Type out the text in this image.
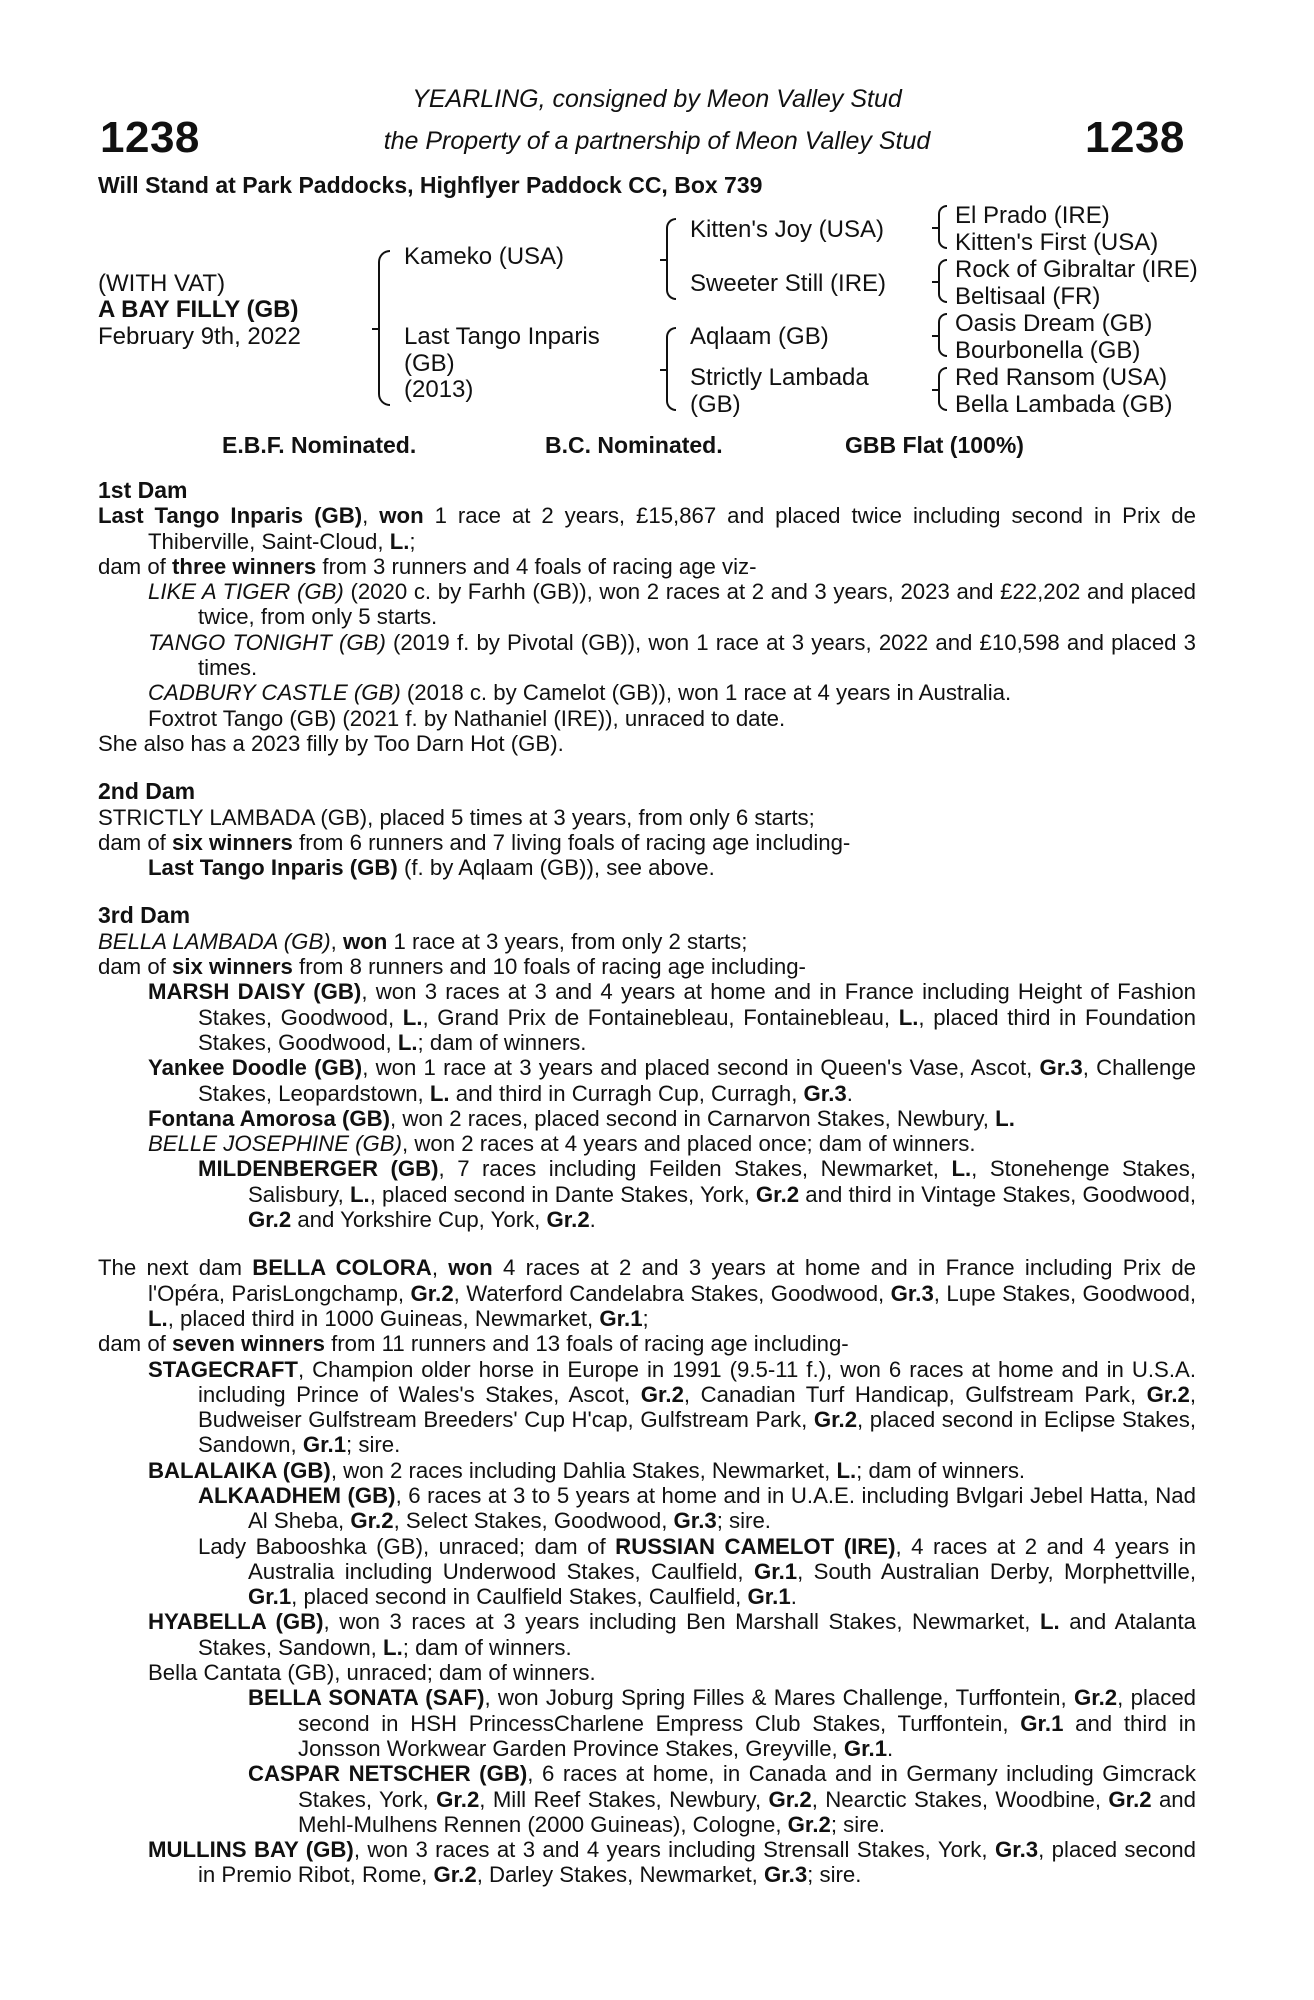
1238	1238
YEARLING, consigned by Meon Valley Stud
the Property of a partnership of Meon Valley Stud
Will Stand at Park Paddocks, Highflyer Paddock CC, Box 739
(WITH VAT)
A BAY FILLY (GB)
February 9th, 2022
Kameko (USA)
Last Tango Inparis
(GB)
(2013)
Kitten's Joy (USA)
Sweeter Still (IRE)
Aqlaam (GB)
Strictly Lambada
(GB)
El Prado (IRE)
Kitten's First (USA)
Rock of Gibraltar (IRE)
Beltisaal (FR)
Oasis Dream (GB)
Bourbonella (GB)
Red Ransom (USA)
Bella Lambada (GB)
E.B.F. Nominated.	B.C. Nominated.	GBB Flat (100%)

1st Dam

Last Tango Inparis (GB), won 1 race at 2 years, £15,867 and placed twice including second in Prix de Thiberville, Saint-Cloud, L.;

dam of three winners from 3 runners and 4 foals of racing age viz-

LIKE A TIGER (GB) (2020 c. by Farhh (GB)), won 2 races at 2 and 3 years, 2023 and £22,202 and placed twice, from only 5 starts.

TANGO TONIGHT (GB) (2019 f. by Pivotal (GB)), won 1 race at 3 years, 2022 and £10,598 and placed 3 times.

CADBURY CASTLE (GB) (2018 c. by Camelot (GB)), won 1 race at 4 years in Australia.

Foxtrot Tango (GB) (2021 f. by Nathaniel (IRE)), unraced to date.

She also has a 2023 filly by Too Darn Hot (GB).

2nd Dam

STRICTLY LAMBADA (GB), placed 5 times at 3 years, from only 6 starts;

dam of six winners from 6 runners and 7 living foals of racing age including-

Last Tango Inparis (GB) (f. by Aqlaam (GB)), see above.

3rd Dam

BELLA LAMBADA (GB), won 1 race at 3 years, from only 2 starts;

dam of six winners from 8 runners and 10 foals of racing age including-

MARSH DAISY (GB), won 3 races at 3 and 4 years at home and in France including Height of Fashion Stakes, Goodwood, L., Grand Prix de Fontainebleau, Fontainebleau, L., placed third in Foundation Stakes, Goodwood, L.; dam of winners.

Yankee Doodle (GB), won 1 race at 3 years and placed second in Queen's Vase, Ascot, Gr.3, Challenge Stakes, Leopardstown, L. and third in Curragh Cup, Curragh, Gr.3.

Fontana Amorosa (GB), won 2 races, placed second in Carnarvon Stakes, Newbury, L.

BELLE JOSEPHINE (GB), won 2 races at 4 years and placed once; dam of winners.

MILDENBERGER (GB), 7 races including Feilden Stakes, Newmarket, L., Stonehenge Stakes, Salisbury, L., placed second in Dante Stakes, York, Gr.2 and third in Vintage Stakes, Goodwood, Gr.2 and Yorkshire Cup, York, Gr.2.

The next dam BELLA COLORA, won 4 races at 2 and 3 years at home and in France including Prix de l'Opéra, ParisLongchamp, Gr.2, Waterford Candelabra Stakes, Goodwood, Gr.3, Lupe Stakes, Goodwood, L., placed third in 1000 Guineas, Newmarket, Gr.1;

dam of seven winners from 11 runners and 13 foals of racing age including-

STAGECRAFT, Champion older horse in Europe in 1991 (9.5-11 f.), won 6 races at home and in U.S.A. including Prince of Wales's Stakes, Ascot, Gr.2, Canadian Turf Handicap, Gulfstream Park, Gr.2, Budweiser Gulfstream Breeders' Cup H'cap, Gulfstream Park, Gr.2, placed second in Eclipse Stakes, Sandown, Gr.1; sire.

BALALAIKA (GB), won 2 races including Dahlia Stakes, Newmarket, L.; dam of winners.

ALKAADHEM (GB), 6 races at 3 to 5 years at home and in U.A.E. including Bvlgari Jebel Hatta, Nad Al Sheba, Gr.2, Select Stakes, Goodwood, Gr.3; sire.

Lady Babooshka (GB), unraced; dam of RUSSIAN CAMELOT (IRE), 4 races at 2 and 4 years in Australia including Underwood Stakes, Caulfield, Gr.1, South Australian Derby, Morphettville, Gr.1, placed second in Caulfield Stakes, Caulfield, Gr.1.

HYABELLA (GB), won 3 races at 3 years including Ben Marshall Stakes, Newmarket, L. and Atalanta Stakes, Sandown, L.; dam of winners.

Bella Cantata (GB), unraced; dam of winners.

BELLA SONATA (SAF), won Joburg Spring Filles & Mares Challenge, Turffontein, Gr.2, placed second in HSH PrincessCharlene Empress Club Stakes, Turffontein, Gr.1 and third in Jonsson Workwear Garden Province Stakes, Greyville, Gr.1.

CASPAR NETSCHER (GB), 6 races at home, in Canada and in Germany including Gimcrack Stakes, York, Gr.2, Mill Reef Stakes, Newbury, Gr.2, Nearctic Stakes, Woodbine, Gr.2 and Mehl-Mulhens Rennen (2000 Guineas), Cologne, Gr.2; sire.

MULLINS BAY (GB), won 3 races at 3 and 4 years including Strensall Stakes, York, Gr.3, placed second in Premio Ribot, Rome, Gr.2, Darley Stakes, Newmarket, Gr.3; sire.
